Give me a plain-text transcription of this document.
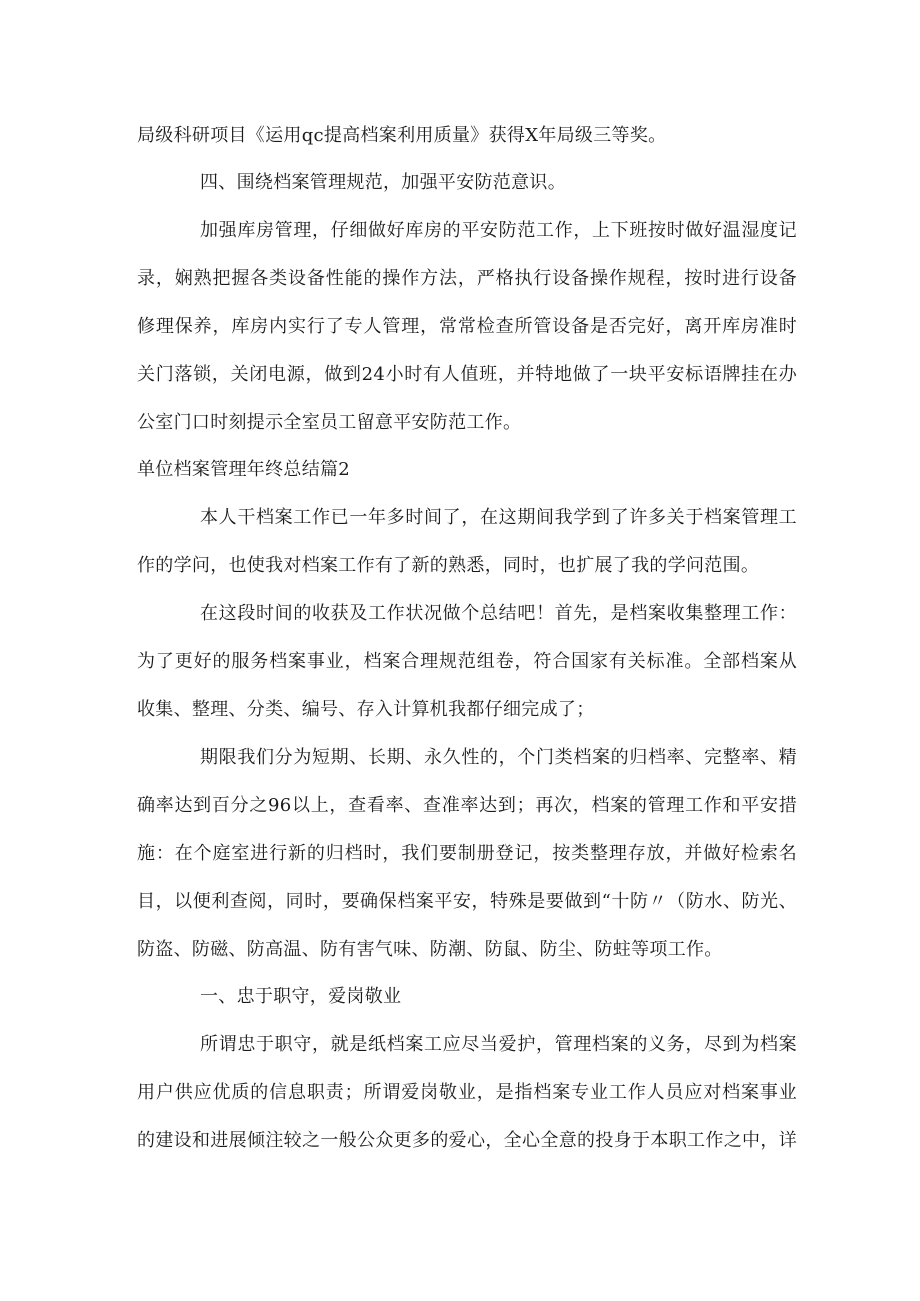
局级科研项目《运用qc提高档案利用质量》获得X年局级三等奖。
四、围绕档案管理规范，加强平安防范意识。
加强库房管理，仔细做好库房的平安防范工作，上下班按时做好温湿度记
录，娴熟把握各类设备性能的操作方法，严格执行设备操作规程，按时进行设备
修理保养，库房内实行了专人管理，常常检查所管设备是否完好，离开库房准时
关门落锁，关闭电源，做到24小时有人值班，并特地做了一块平安标语牌挂在办
公室门口时刻提示全室员工留意平安防范工作。
单位档案管理年终总结篇2
本人干档案工作已一年多时间了，在这期间我学到了许多关于档案管理工
作的学问，也使我对档案工作有了新的熟悉，同时，也扩展了我的学问范围。
在这段时间的收获及工作状况做个总结吧！首先，是档案收集整理工作：
为了更好的服务档案事业，档案合理规范组卷，符合国家有关标准。全部档案从
收集、整理、分类、编号、存入计算机我都仔细完成了；
期限我们分为短期、长期、永久性的，个门类档案的归档率、完整率、精
确率达到百分之96以上，查看率、查准率达到；再次，档案的管理工作和平安措
施：在个庭室进行新的归档时，我们要制册登记，按类整理存放，并做好检索名
目，以便利查阅，同时，要确保档案平安，特殊是要做到“十防〃（防水、防光、
防盗、防磁、防高温、防有害气味、防潮、防鼠、防尘、防蛀等项工作。
一、忠于职守，爱岗敬业
所谓忠于职守，就是纸档案工应尽当爱护，管理档案的义务，尽到为档案
用户供应优质的信息职责；所谓爱岗敬业，是指档案专业工作人员应对档案事业
的建设和进展倾注较之一般公众更多的爱心，全心全意的投身于本职工作之中，详
